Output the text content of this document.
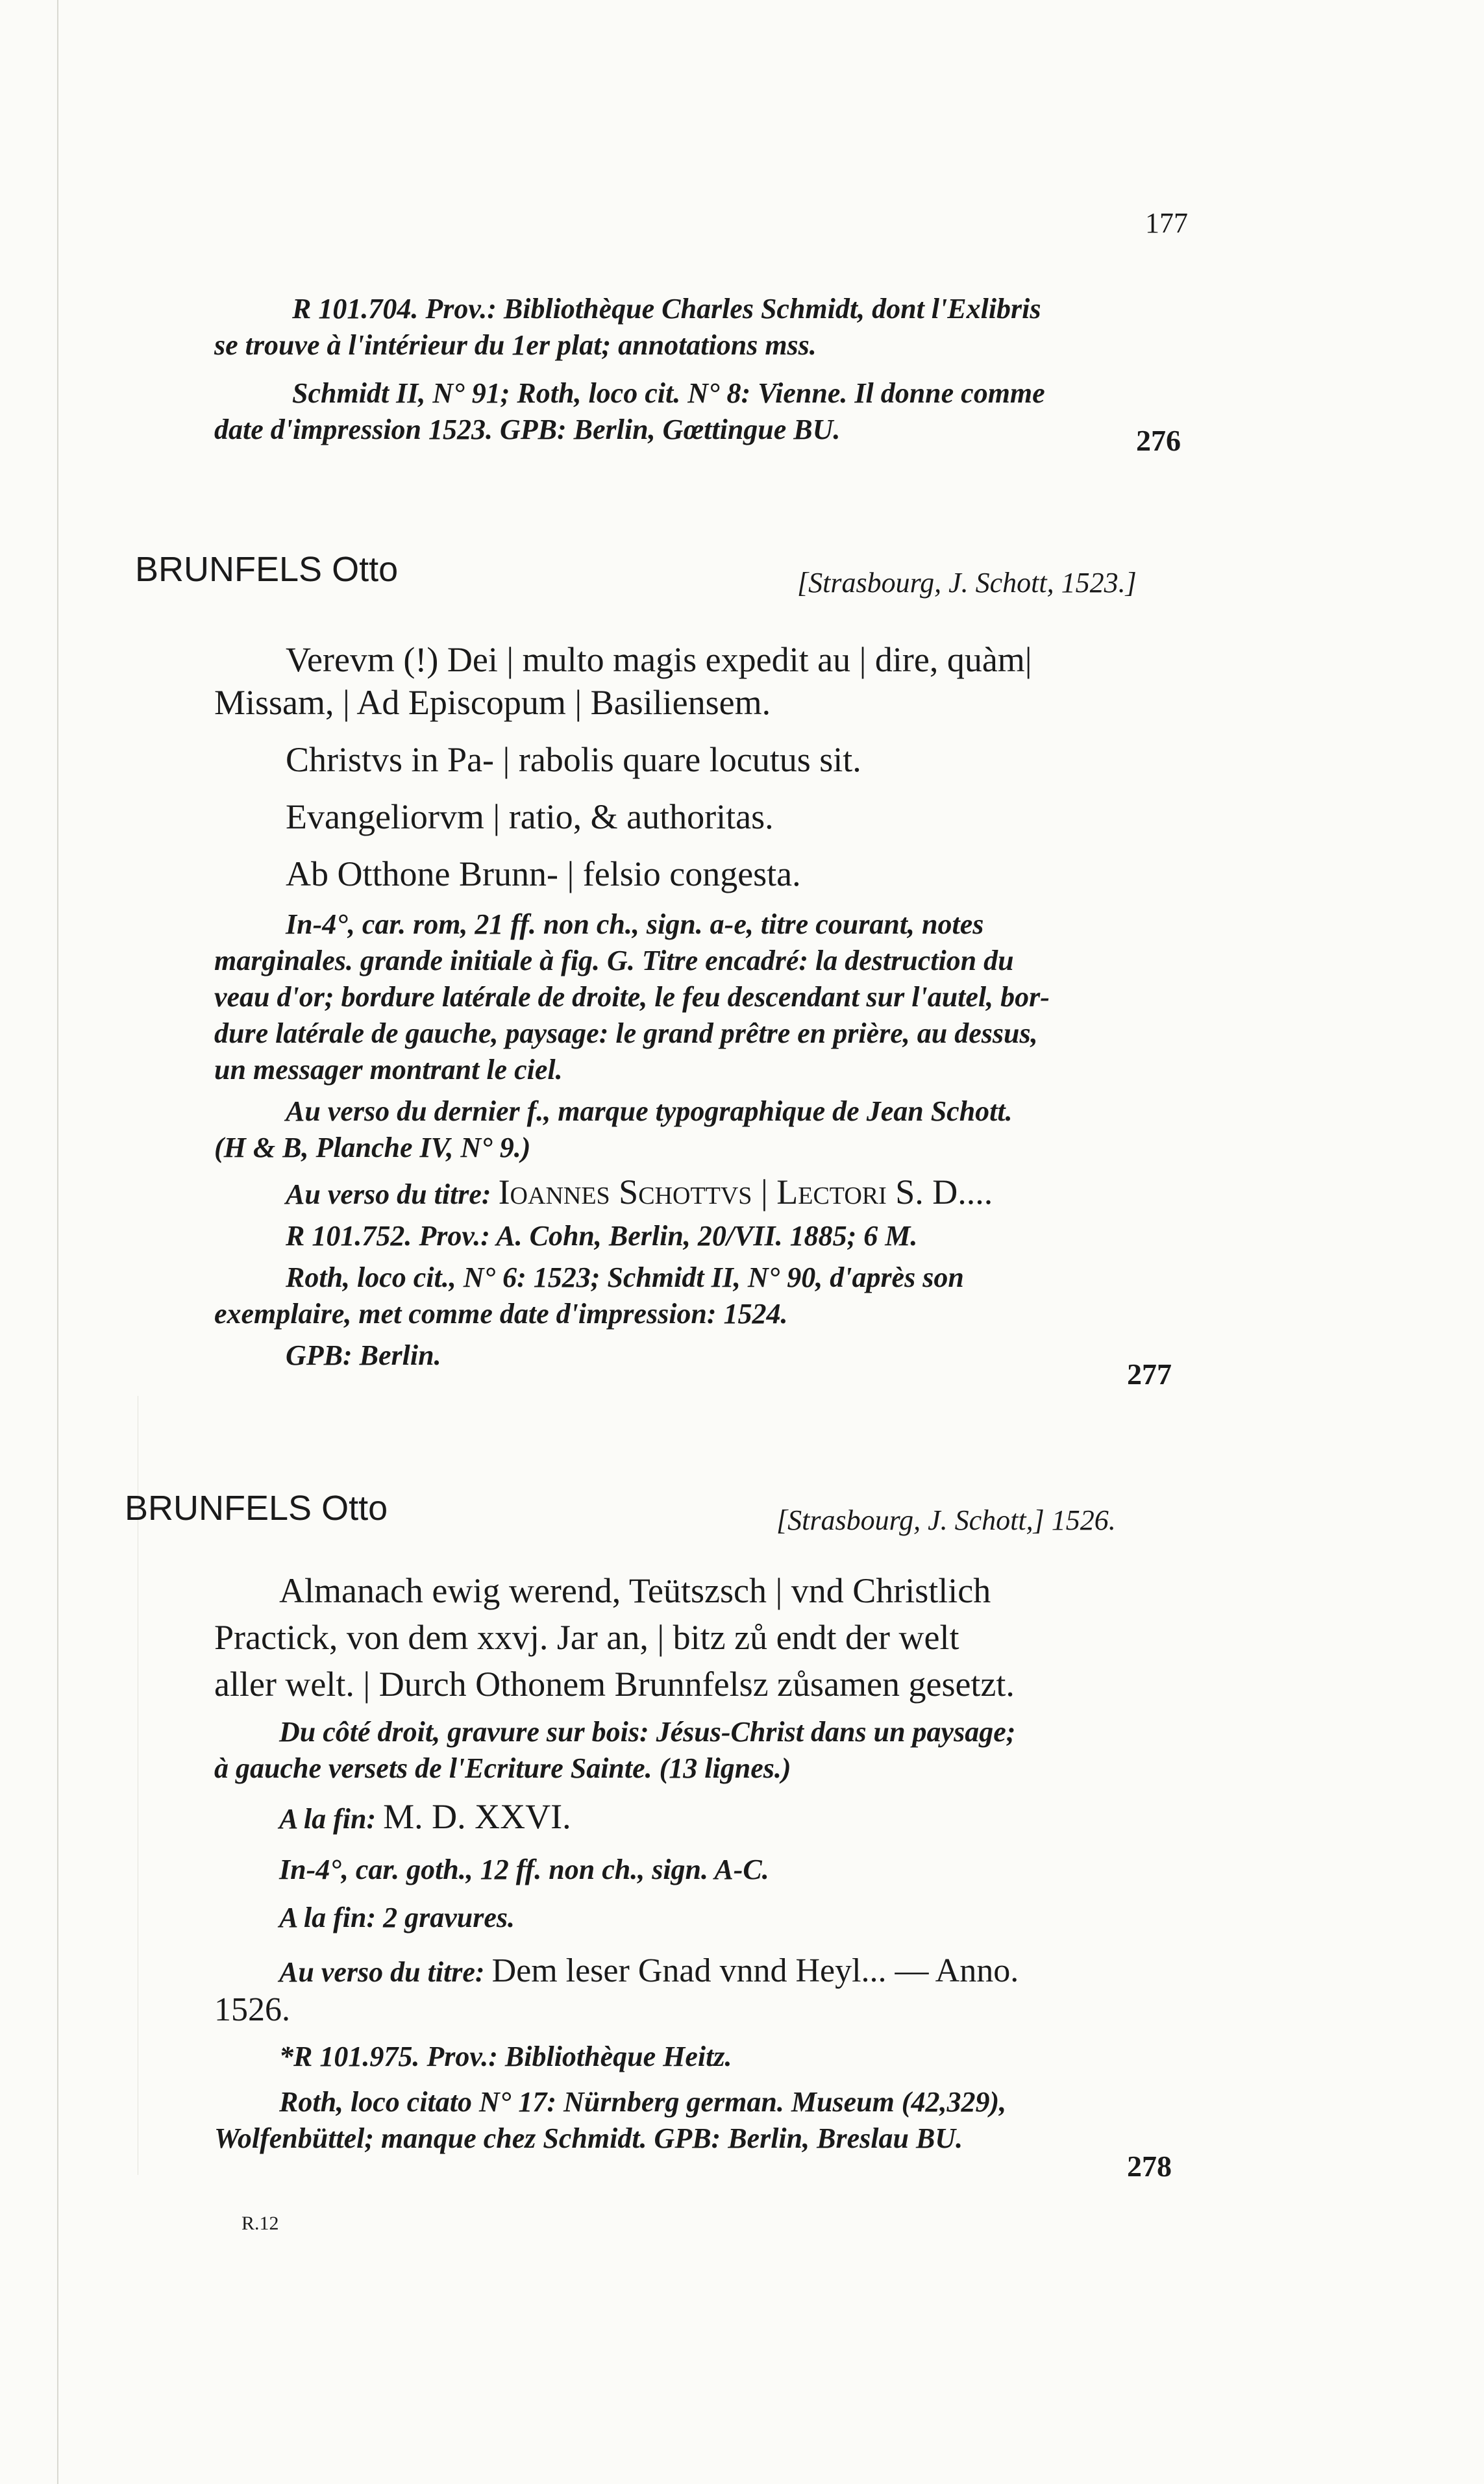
177
R 101.704. Prov.: Bibliothèque Charles Schmidt, dont l'Exlibris
se trouve à l'intérieur du 1er plat; annotations mss.
Schmidt II, N° 91; Roth, loco cit. N° 8: Vienne. Il donne comme
date d'impression 1523. GPB: Berlin, Gœttingue BU.	276
BRUNFELS Otto	[Strasbourg, J. Schott, 1523.]
Verevm (!) Dei | multo magis expedit au | dire, quàm|
Missam, | Ad Episcopum | Basiliensem.
Christvs in Pa- | rabolis quare locutus sit.
Evangeliorvm | ratio, & authoritas.
Ab Otthone Brunn- | felsio congesta.
In-4°, car. rom, 21 ff. non ch., sign. a-e, titre courant, notes
marginales. grande initiale à fig. G. Titre encadré: la destruction du
veau d'or; bordure latérale de droite, le feu descendant sur l'autel, bor-
dure latérale de gauche, paysage: le grand prêtre en prière, au dessus,
un messager montrant le ciel.
Au verso du dernier f., marque typographique de Jean Schott.
(H & B, Planche IV, N° 9.)
Au verso du titre: Ioannes Schottvs | Lectori S. D....
R 101.752. Prov.: A. Cohn, Berlin, 20/VII. 1885; 6 M.
Roth, loco cit., N° 6: 1523; Schmidt II, N° 90, d'après son
exemplaire, met comme date d'impression: 1524.
GPB: Berlin.
277
BRUNFELS Otto	[Strasbourg, J. Schott,] 1526.
Almanach ewig werend, Teütszsch | vnd Christlich
Practick, von dem xxvj. Jar an, | bitz zů endt der welt
aller welt. | Durch Othonem Brunnfelsz zůsamen gesetzt.
Du côté droit, gravure sur bois: Jésus-Christ dans un paysage;
à gauche versets de l'Ecriture Sainte. (13 lignes.)
A la fin: M. D. XXVI.
In-4°, car. goth., 12 ff. non ch., sign. A-C.
A la fin: 2 gravures.
Au verso du titre: Dem leser Gnad vnnd Heyl... — Anno.
1526.
*R 101.975. Prov.: Bibliothèque Heitz.
Roth, loco citato N° 17: Nürnberg german. Museum (42,329),
Wolfenbüttel; manque chez Schmidt. GPB: Berlin, Breslau BU.
278
R.12
